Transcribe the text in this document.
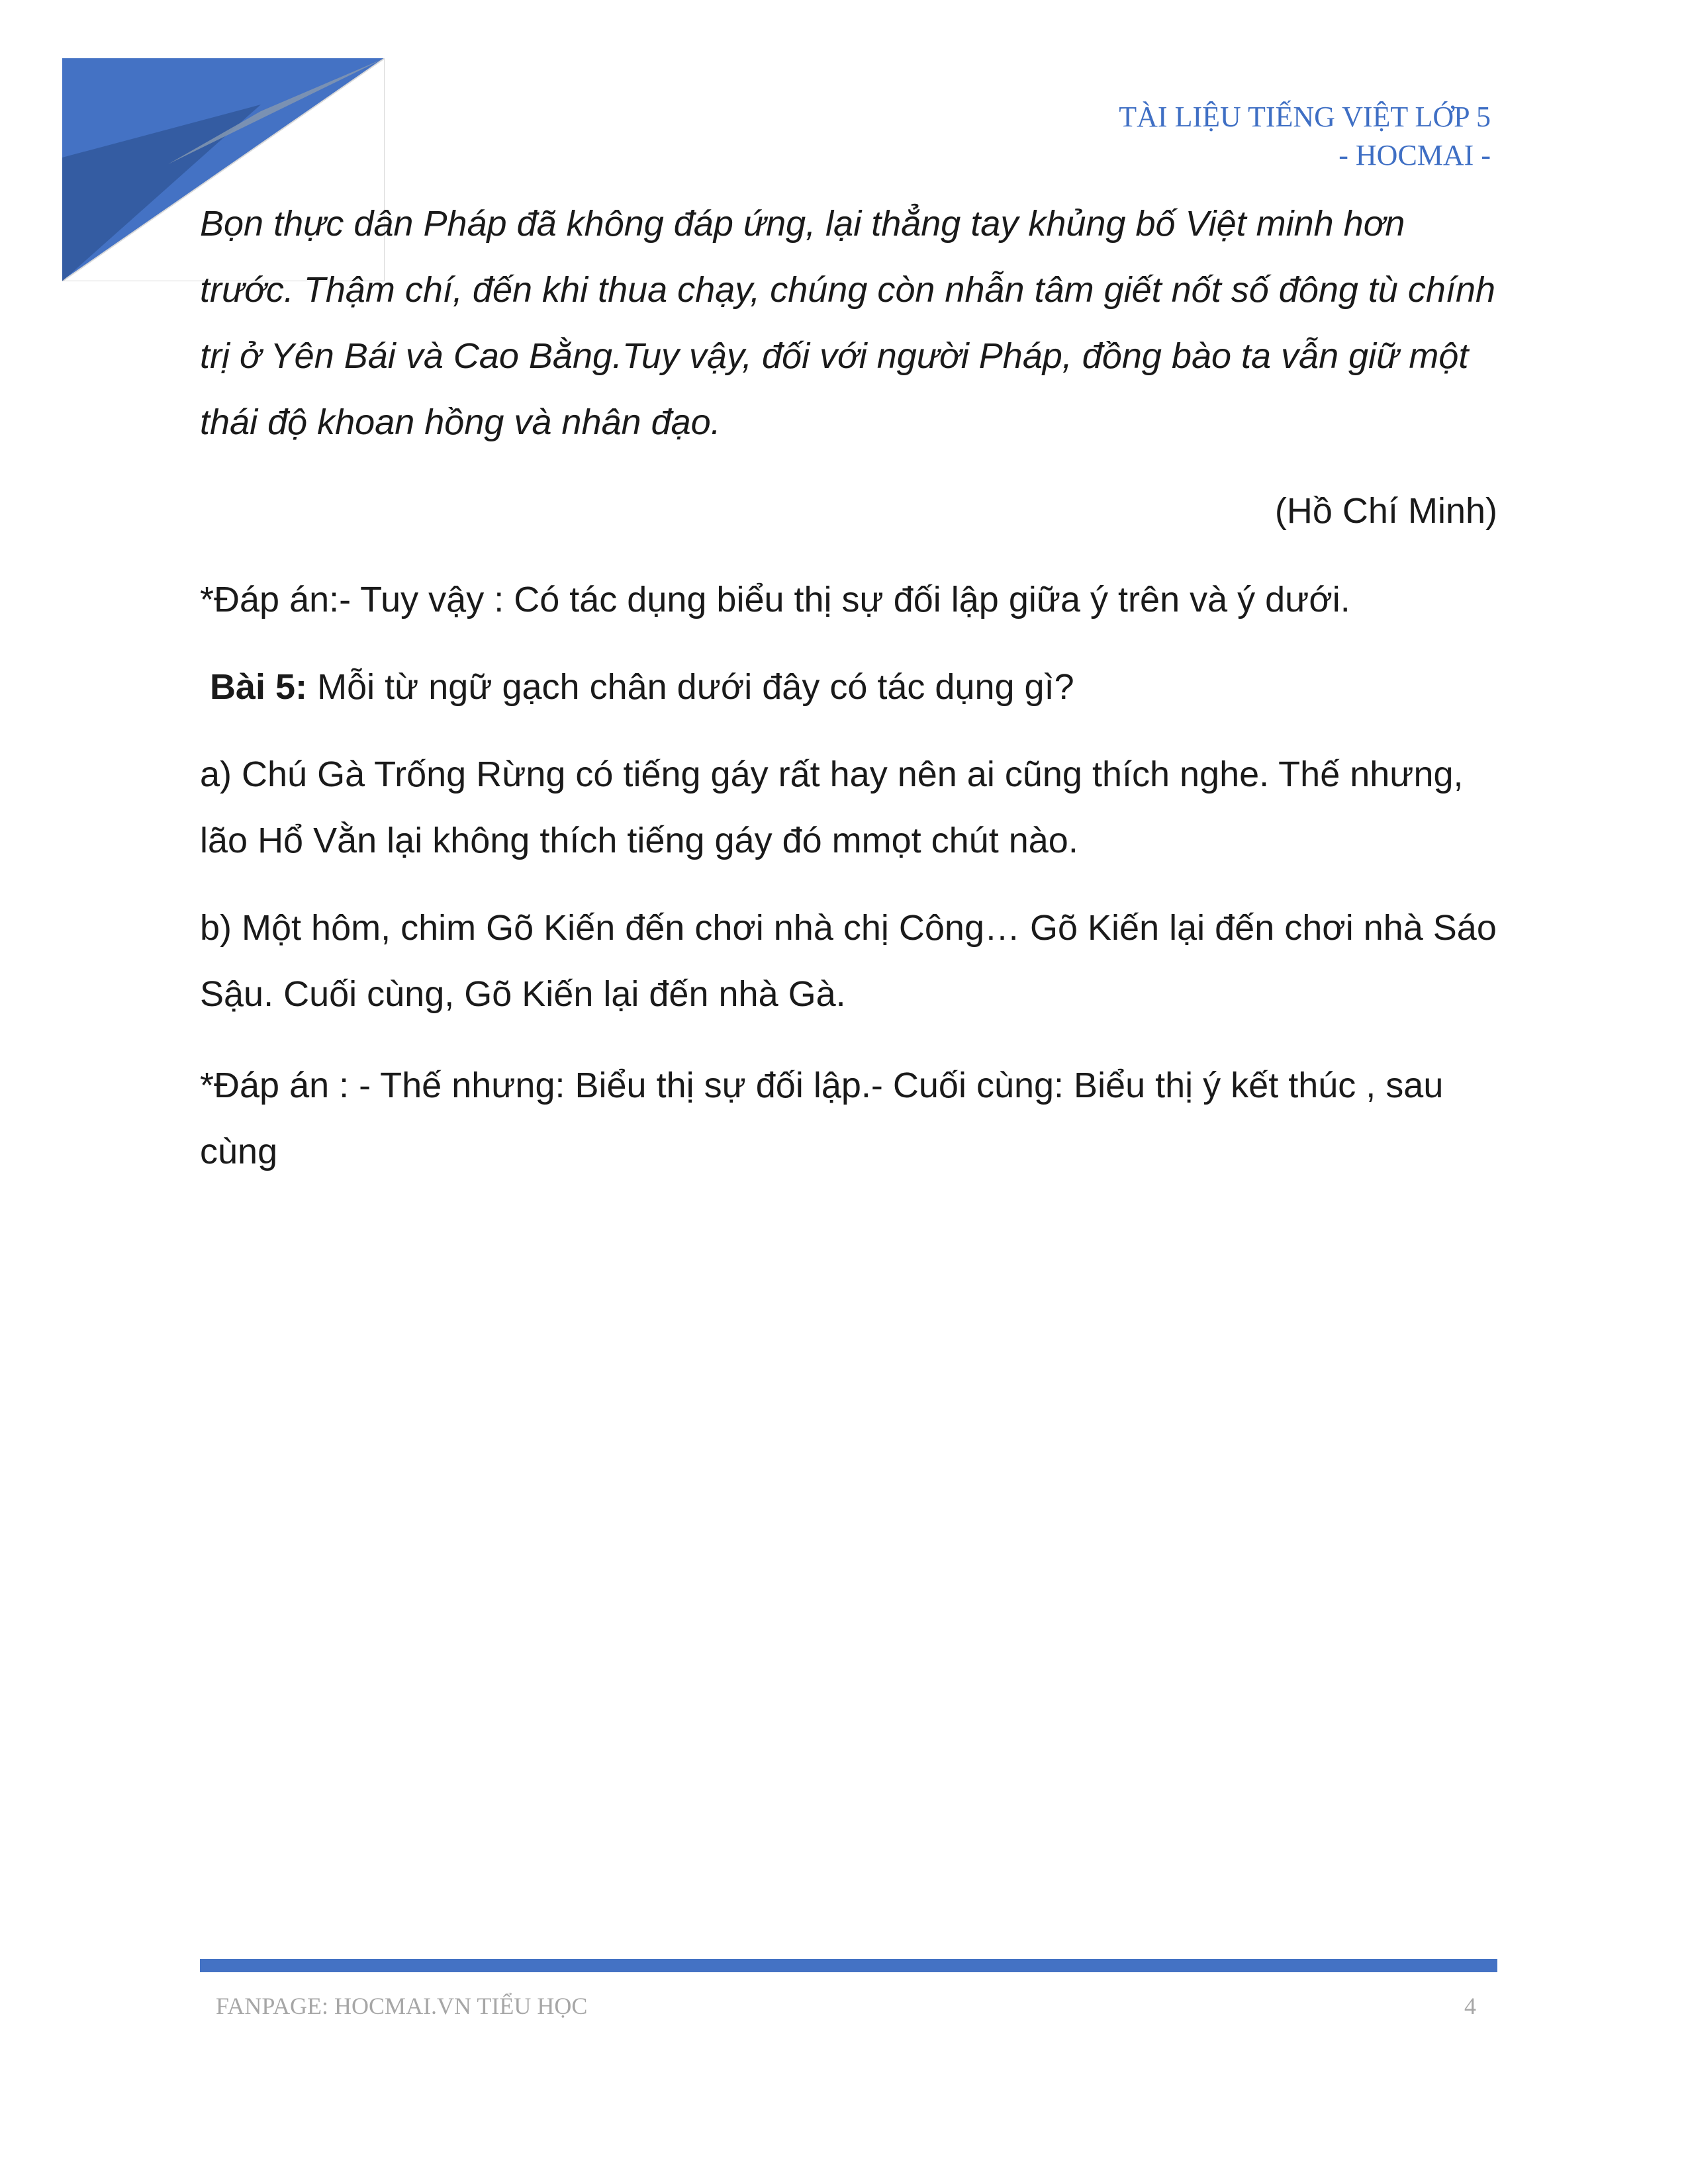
TÀI LIỆU TIẾNG VIỆT LỚP 5
- HOCMAI -
Bọn thực dân Pháp đã không đáp ứng, lại thẳng tay khủng bố Việt minh hơn trước. Thậm chí, đến khi thua chạy, chúng còn nhẫn tâm giết nốt số đông tù chính trị ở Yên Bái và Cao Bằng.Tuy vậy, đối với người Pháp, đồng bào ta vẫn giữ một thái độ khoan hồng và nhân đạo.
(Hồ Chí Minh)
*Đáp án:- Tuy vậy : Có tác dụng biểu thị sự đối lập giữa ý trên và ý dưới.
Bài 5: Mỗi từ ngữ gạch chân dưới đây có tác dụng gì?
a) Chú Gà Trống Rừng có tiếng gáy rất hay nên ai cũng thích nghe. Thế nhưng, lão Hổ Vằn lại không thích tiếng gáy đó mmọt chút nào.
b) Một hôm, chim Gõ Kiến đến chơi nhà chị Công… Gõ Kiến lại đến chơi nhà Sáo Sậu. Cuối cùng, Gõ Kiến lại đến nhà Gà.
*Đáp án : - Thế nhưng: Biểu thị sự đối lập.- Cuối cùng: Biểu thị ý kết thúc , sau cùng
FANPAGE: HOCMAI.VN TIỂU HỌC	4
